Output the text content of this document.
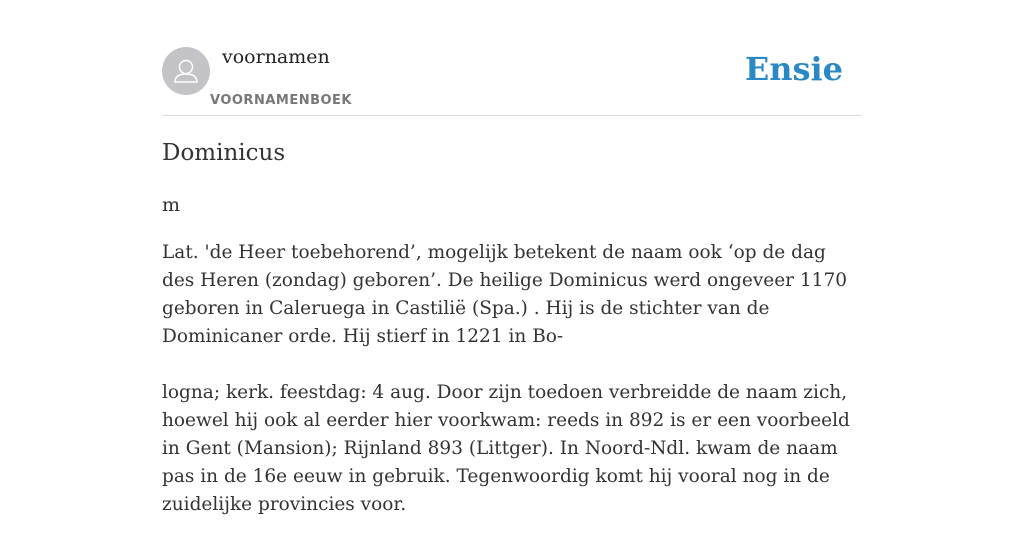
voornamen
VOORNAMENBOEK
Ensie
Dominicus

m

Lat. 'de Heer toebehorend’, mogelijk betekent de naam ook ‘op de dag des Heren (zondag) geboren’. De heilige Dominicus werd ongeveer 1170 geboren in Caleruega in Castilië (Spa.) . Hij is de stichter van de Dominicaner orde. Hij stierf in 1221 in Bo-

logna; kerk. feestdag: 4 aug. Door zijn toedoen verbreidde de naam zich, hoewel hij ook al eerder hier voorkwam: reeds in 892 is er een voorbeeld in Gent (Mansion); Rijnland 893 (Littger). In Noord-Ndl. kwam de naam pas in de 16e eeuw in gebruik. Tegenwoordig komt hij vooral nog in de zuidelijke provincies voor.
